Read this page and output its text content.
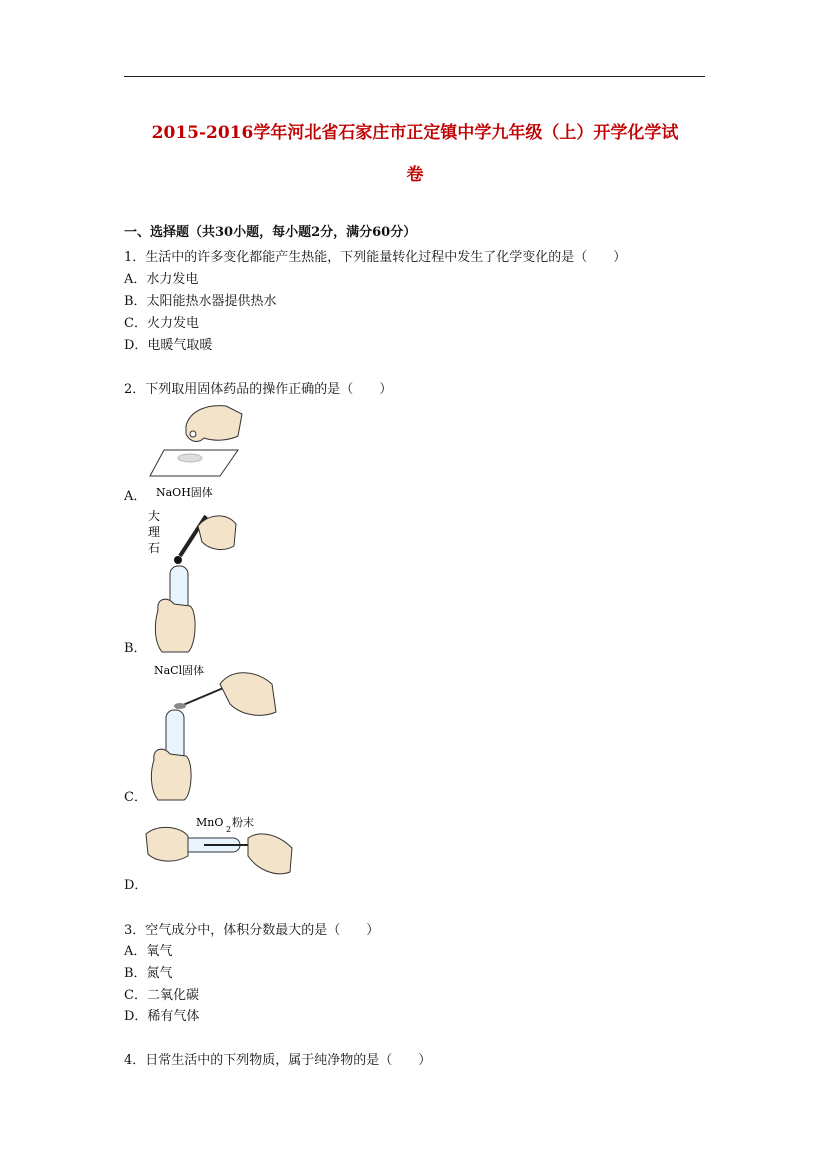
2015-2016学年河北省石家庄市正定镇中学九年级（上）开学化学试
卷
一、选择题（共30小题，每小题2分，满分60分）
1．生活中的许多变化都能产生热能，下列能量转化过程中发生了化学变化的是（　　）
A．水力发电
B．太阳能热水器提供热水
C．火力发电
D．电暖气取暖
2．下列取用固体药品的操作正确的是（　　）
NaOH固体
A．
大
理
石
B．
NaCl固体
C．
MnO
2
粉末
D．
3．空气成分中，体积分数最大的是（　　）
A．氧气
B．氮气
C．二氧化碳
D．稀有气体
4．日常生活中的下列物质，属于纯净物的是（　　）
